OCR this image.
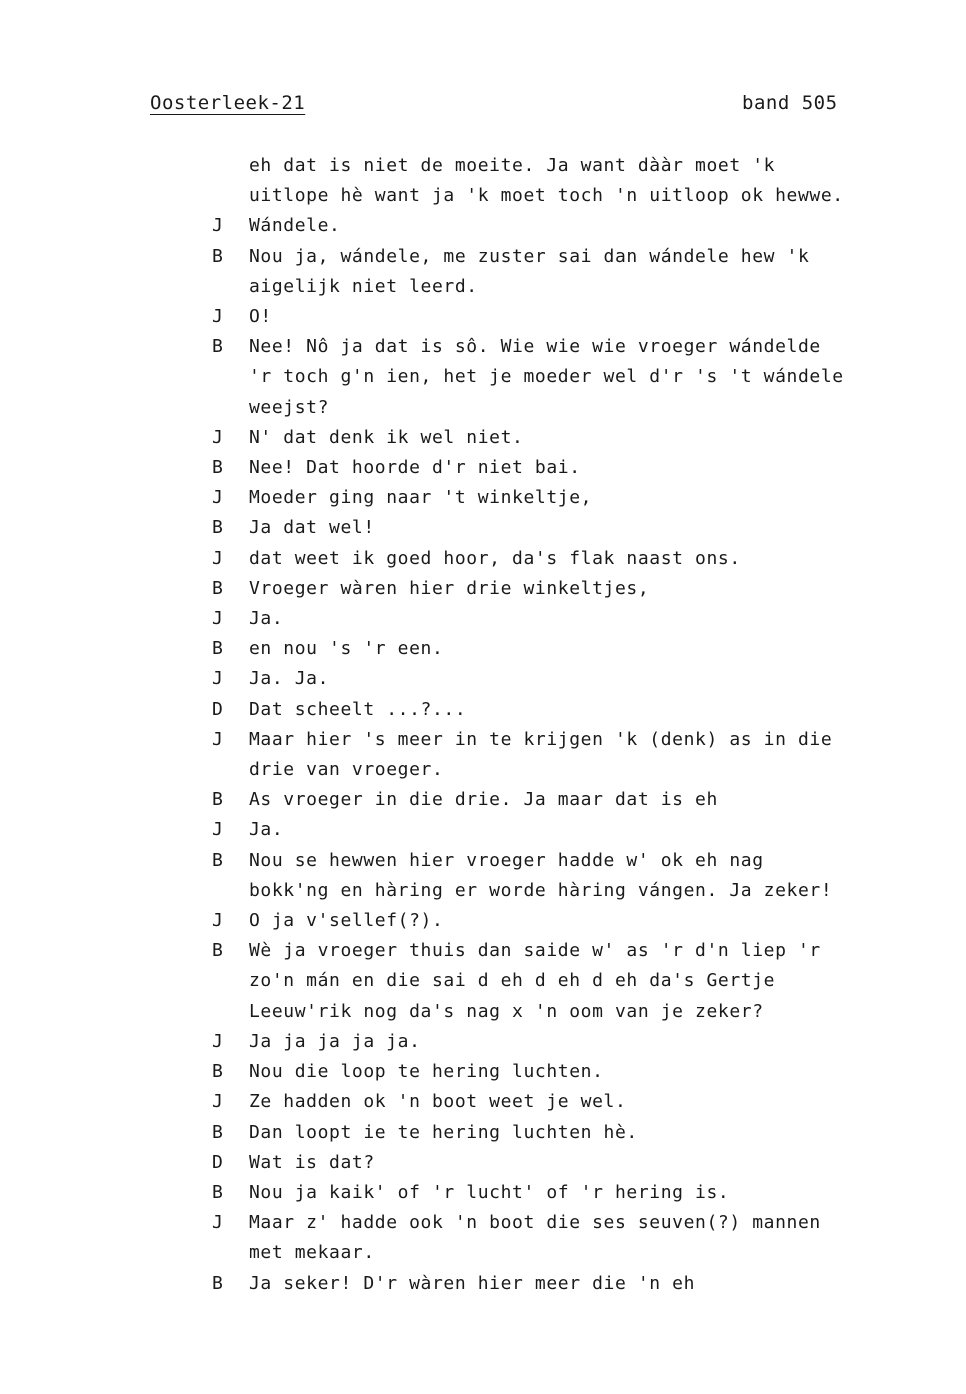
Oosterleek-21	band 505
eh dat is niet de moeite. Ja want dààr moet 'k
uitlope hè want ja 'k moet toch 'n uitloop ok hewwe.
J	Wándele.
B	Nou ja, wándele, me zuster sai dan wándele hew 'k
aigelijk niet leerd.
J	O!
B	Nee! Nô ja dat is sô. Wie wie wie vroeger wándelde
'r toch g'n ien, het je moeder wel d'r 's 't wándele
weejst?
J	N' dat denk ik wel niet.
B	Nee! Dat hoorde d'r niet bai.
J	Moeder ging naar 't winkeltje,
B	Ja dat wel!
J	dat weet ik goed hoor, da's flak naast ons.
B	Vroeger wàren hier drie winkeltjes,
J	Ja.
B	en nou 's 'r een.
J	Ja. Ja.
D	Dat scheelt ...?...
J	Maar hier 's meer in te krijgen 'k (denk) as in die
drie van vroeger.
B	As vroeger in die drie. Ja maar dat is eh
J	Ja.
B	Nou se hewwen hier vroeger hadde w' ok eh nag
bokk'ng en hàring er worde hàring vángen. Ja zeker!
J	O ja v'sellef(?).
B	Wè ja vroeger thuis dan saide w' as 'r d'n liep 'r
zo'n mán en die sai d eh d eh d eh da's Gertje
Leeuw'rik nog da's nag x 'n oom van je zeker?
J	Ja ja ja ja ja.
B	Nou die loop te hering luchten.
J	Ze hadden ok 'n boot weet je wel.
B	Dan loopt ie te hering luchten hè.
D	Wat is dat?
B	Nou ja kaik' of 'r lucht' of 'r hering is.
J	Maar z' hadde ook 'n boot die ses seuven(?) mannen
met mekaar.
B	Ja seker! D'r wàren hier meer die 'n eh
